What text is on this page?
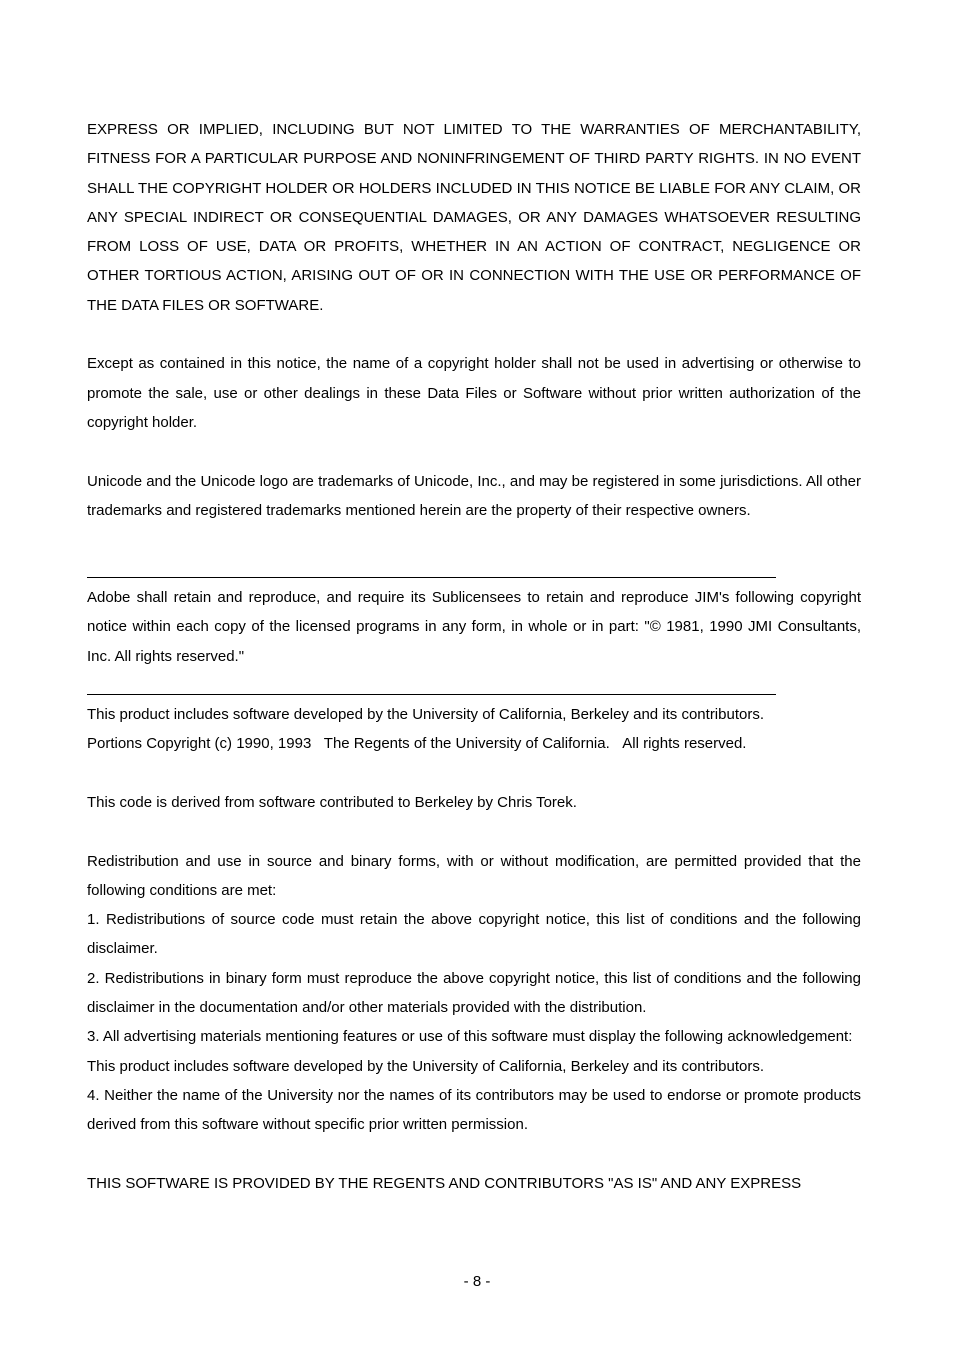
EXPRESS OR IMPLIED, INCLUDING BUT NOT LIMITED TO THE WARRANTIES OF MERCHANTABILITY, FITNESS FOR A PARTICULAR PURPOSE AND NONINFRINGEMENT OF THIRD PARTY RIGHTS. IN NO EVENT SHALL THE COPYRIGHT HOLDER OR HOLDERS INCLUDED IN THIS NOTICE BE LIABLE FOR ANY CLAIM, OR ANY SPECIAL INDIRECT OR CONSEQUENTIAL DAMAGES, OR ANY DAMAGES WHATSOEVER RESULTING FROM LOSS OF USE, DATA OR PROFITS, WHETHER IN AN ACTION OF CONTRACT, NEGLIGENCE OR OTHER TORTIOUS ACTION, ARISING OUT OF OR IN CONNECTION WITH THE USE OR PERFORMANCE OF THE DATA FILES OR SOFTWARE.

Except as contained in this notice, the name of a copyright holder shall not be used in advertising or otherwise to promote the sale, use or other dealings in these Data Files or Software without prior written authorization of the copyright holder.

Unicode and the Unicode logo are trademarks of Unicode, Inc., and may be registered in some jurisdictions. All other trademarks and registered trademarks mentioned herein are the property of their respective owners.

Adobe shall retain and reproduce, and require its Sublicensees to retain and reproduce JIM's following copyright notice within each copy of the licensed programs in any form, in whole or in part: "© 1981, 1990 JMI Consultants, Inc. All rights reserved."

This product includes software developed by the University of California, Berkeley and its contributors.

Portions Copyright (c) 1990, 1993   The Regents of the University of California.   All rights reserved.

This code is derived from software contributed to Berkeley by Chris Torek.

Redistribution and use in source and binary forms, with or without modification, are permitted provided that the following conditions are met:

1. Redistributions of source code must retain the above copyright notice, this list of conditions and the following disclaimer.

2. Redistributions in binary form must reproduce the above copyright notice, this list of conditions and the following disclaimer in the documentation and/or other materials provided with the distribution.

3. All advertising materials mentioning features or use of this software must display the following acknowledgement:

This product includes software developed by the University of California, Berkeley and its contributors.

4. Neither the name of the University nor the names of its contributors may be used to endorse or promote products derived from this software without specific prior written permission.

THIS SOFTWARE IS PROVIDED BY THE REGENTS AND CONTRIBUTORS "AS IS" AND ANY EXPRESS

- 8 -
